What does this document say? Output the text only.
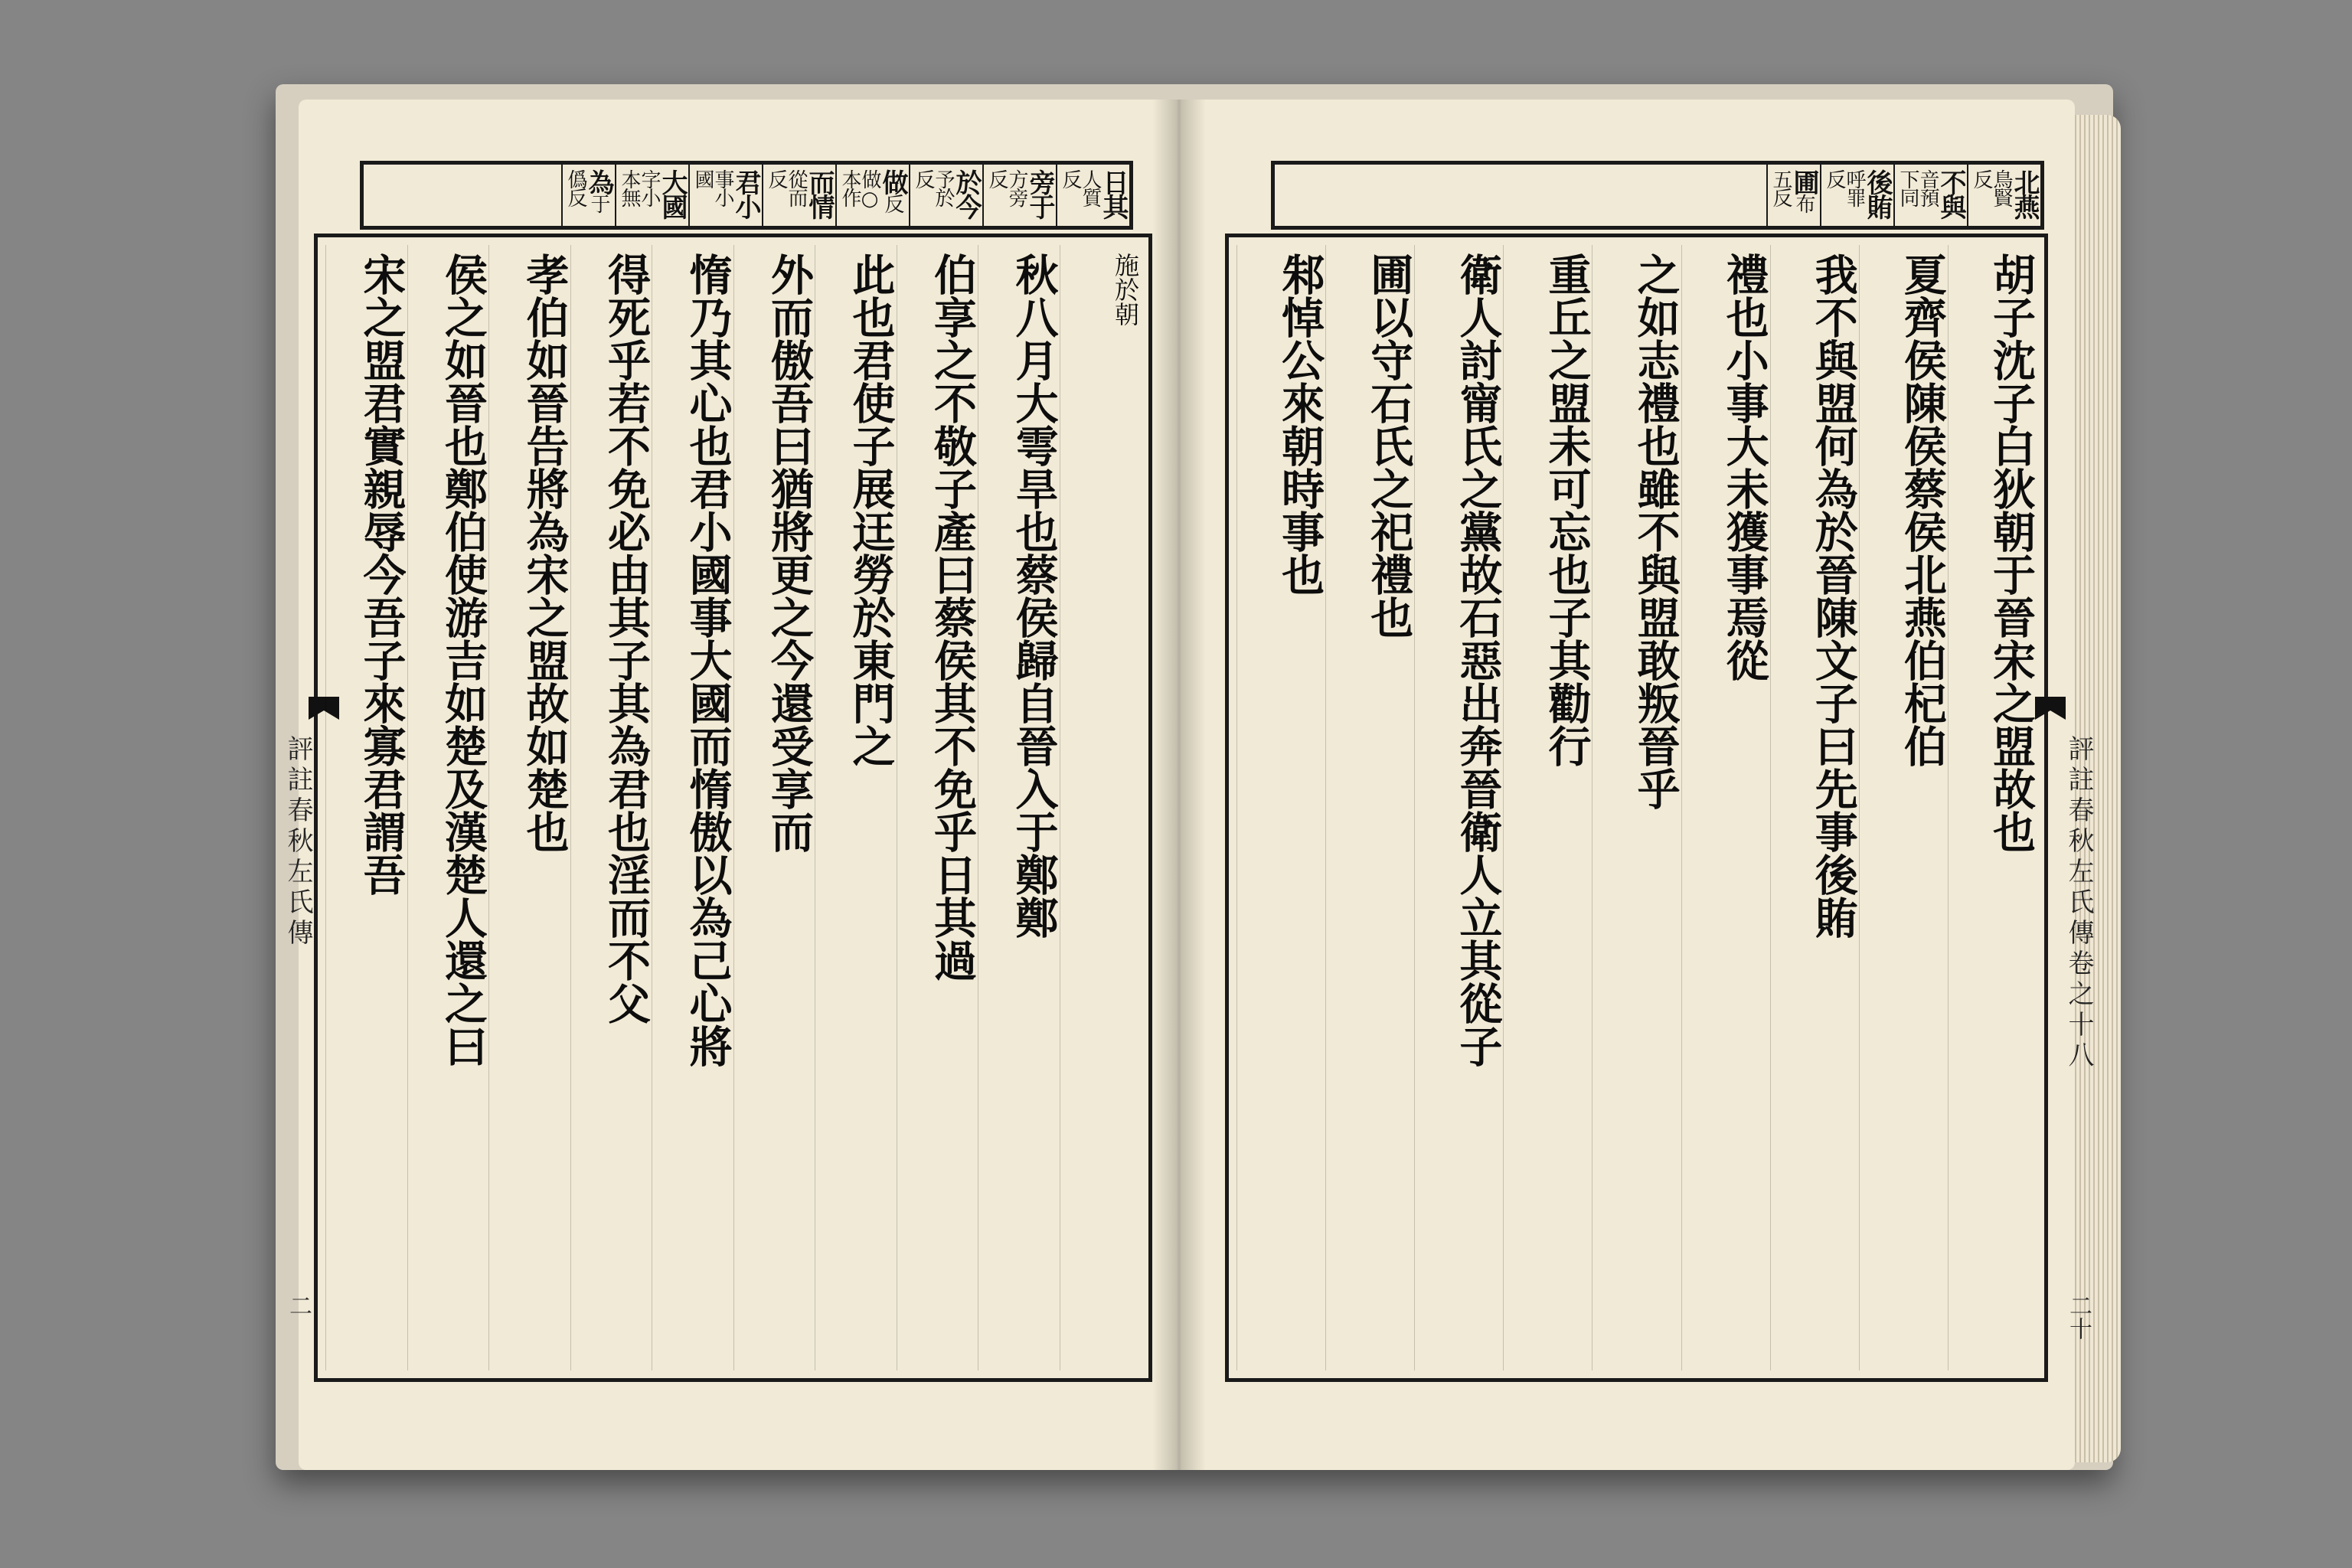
日其人質反
旁于方旁反
於今予於反
做反做○本作
而情從而反
君小事小國
大國字小本無
為于僞反
評註春秋左氏傳
二
施於朝
秋八月大雩旱也蔡侯歸自晉入于鄭鄭
伯享之不敬子產曰蔡侯其不免乎日其過
此也君使子展迋勞於東門之
外而傲吾曰猶將更之今還受享而
惰乃其心也君小國事大國而惰傲以為己心將
得死乎若不免必由其子其為君也淫而不父
孝伯如晉告將為宋之盟故如楚也
侯之如晉也鄭伯使游吉如楚及漢楚人還之曰
宋之盟君實親辱今吾子來寡君謂吾
北燕鳥賢反
不與音預下同
後賄呼罪反
圃布五反
評註春秋左氏傳卷之十八
二十
胡子沈子白狄朝于晉宋之盟故也
夏齊侯陳侯蔡侯北燕伯杞伯
我不與盟何為於晉陳文子曰先事後賄
禮也小事大未獲事焉從
之如志禮也雖不與盟敢叛晉乎
重丘之盟未可忘也子其勸行
衛人討甯氏之黨故石惡出奔晉衛人立其從子
圃以守石氏之祀禮也
邾悼公來朝時事也
